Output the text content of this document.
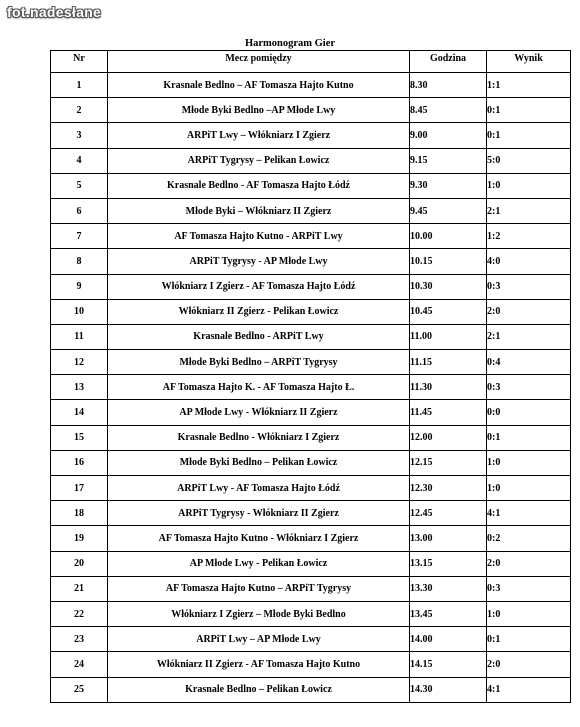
fot.nadesłane
Harmonogram Gier
Nr	Mecz pomiędzy	Godzina	Wynik
1	Krasnale Bedlno – AF Tomasza Hajto Kutno	8.30	1:1
2	Młode Byki Bedlno –AP Młode Lwy	8.45	0:1
3	ARPiT Lwy – Włókniarz I Zgierz	9.00	0:1
4	ARPiT Tygrysy – Pelikan Łowicz	9.15	5:0
5	Krasnale Bedlno - AF Tomasza Hajto Łódź	9.30	1:0
6	Młode Byki – Włókniarz II Zgierz	9.45	2:1
7	AF Tomasza Hajto Kutno - ARPiT Lwy	10.00	1:2
8	ARPiT Tygrysy - AP Młode Lwy	10.15	4:0
9	Włókniarz I Zgierz - AF Tomasza Hajto Łódź	10.30	0:3
10	Włókniarz II Zgierz - Pelikan Łowicz	10.45	2:0
11	Krasnale Bedlno - ARPiT Lwy	11.00	2:1
12	Młode Byki Bedlno – ARPiT Tygrysy	11.15	0:4
13	AF Tomasza Hajto K. - AF Tomasza Hajto Ł.	11.30	0:3
14	AP Młode Lwy - Włókniarz II Zgierz	11.45	0:0
15	Krasnale Bedlno - Włókniarz I Zgierz	12.00	0:1
16	Młode Byki Bedlno – Pelikan Łowicz	12.15	1:0
17	ARPiT Lwy - AF Tomasza Hajto Łódź	12.30	1:0
18	ARPiT Tygrysy - Włókniarz II Zgierz	12.45	4:1
19	AF Tomasza Hajto Kutno - Włókniarz I Zgierz	13.00	0:2
20	AP Młode Lwy - Pelikan Łowicz	13.15	2:0
21	AF Tomasza Hajto Kutno – ARPiT Tygrysy	13.30	0:3
22	Włókniarz I Zgierz – Młode Byki Bedlno	13.45	1:0
23	ARPiT Lwy – AP Młode Lwy	14.00	0:1
24	Włókniarz II Zgierz - AF Tomasza Hajto Kutno	14.15	2:0
25	Krasnale Bedlno – Pelikan Łowicz	14.30	4:1
